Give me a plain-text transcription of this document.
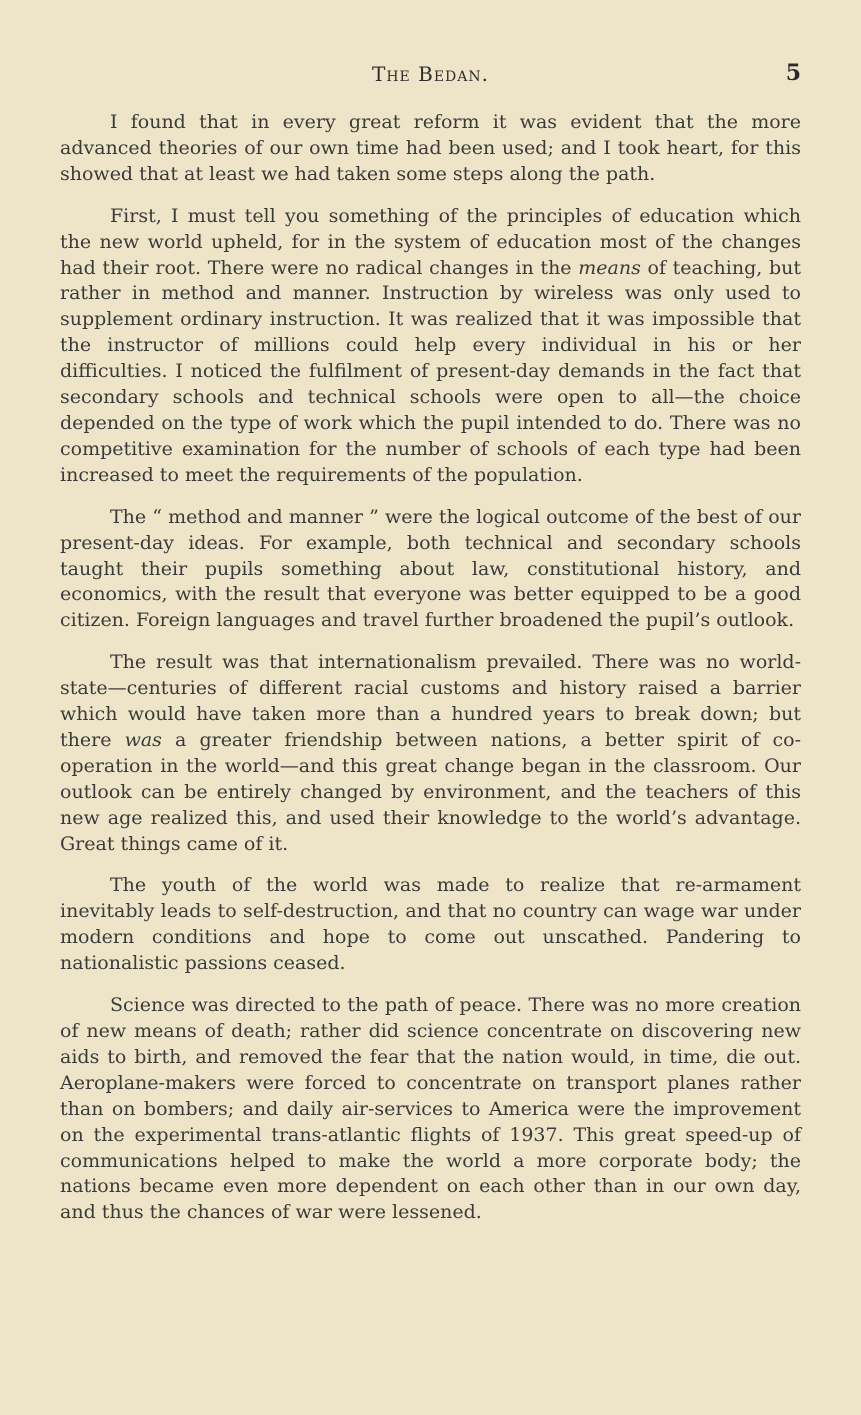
The Bedan.	5

I found that in every great reform it was evident that the more advanced theories of our own time had been used; and I took heart, for this showed that at least we had taken some steps along the path.

First, I must tell you something of the principles of education which the new world upheld, for in the system of education most of the changes had their root. There were no radical changes in the means of teaching, but rather in method and manner. Instruction by wireless was only used to supplement ordinary instruction. It was realized that it was impossible that the instructor of millions could help every individual in his or her difficulties. I noticed the fulfilment of present-day demands in the fact that secondary schools and technical schools were open to all—the choice depended on the type of work which the pupil intended to do. There was no competitive examination for the number of schools of each type had been increased to meet the requirements of the population.

The “ method and manner ” were the logical outcome of the best of our present-day ideas. For example, both technical and secondary schools taught their pupils something about law, constitutional history, and economics, with the result that everyone was better equipped to be a good citizen. Foreign languages and travel further broadened the pupil’s outlook.

The result was that internationalism prevailed. There was no world-state—centuries of different racial customs and history raised a barrier which would have taken more than a hundred years to break down; but there was a greater friendship between nations, a better spirit of co-operation in the world—and this great change began in the classroom. Our outlook can be entirely changed by environment, and the teachers of this new age realized this, and used their knowledge to the world’s advantage. Great things came of it.

The youth of the world was made to realize that re-armament inevitably leads to self-destruction, and that no country can wage war under modern conditions and hope to come out unscathed. Pandering to nationalistic passions ceased.

Science was directed to the path of peace. There was no more creation of new means of death; rather did science concentrate on discovering new aids to birth, and removed the fear that the nation would, in time, die out. Aeroplane-makers were forced to concentrate on transport planes rather than on bombers; and daily air-services to America were the improvement on the experimental trans-atlantic flights of 1937. This great speed-up of communications helped to make the world a more corporate body; the nations became even more dependent on each other than in our own day, and thus the chances of war were lessened.
